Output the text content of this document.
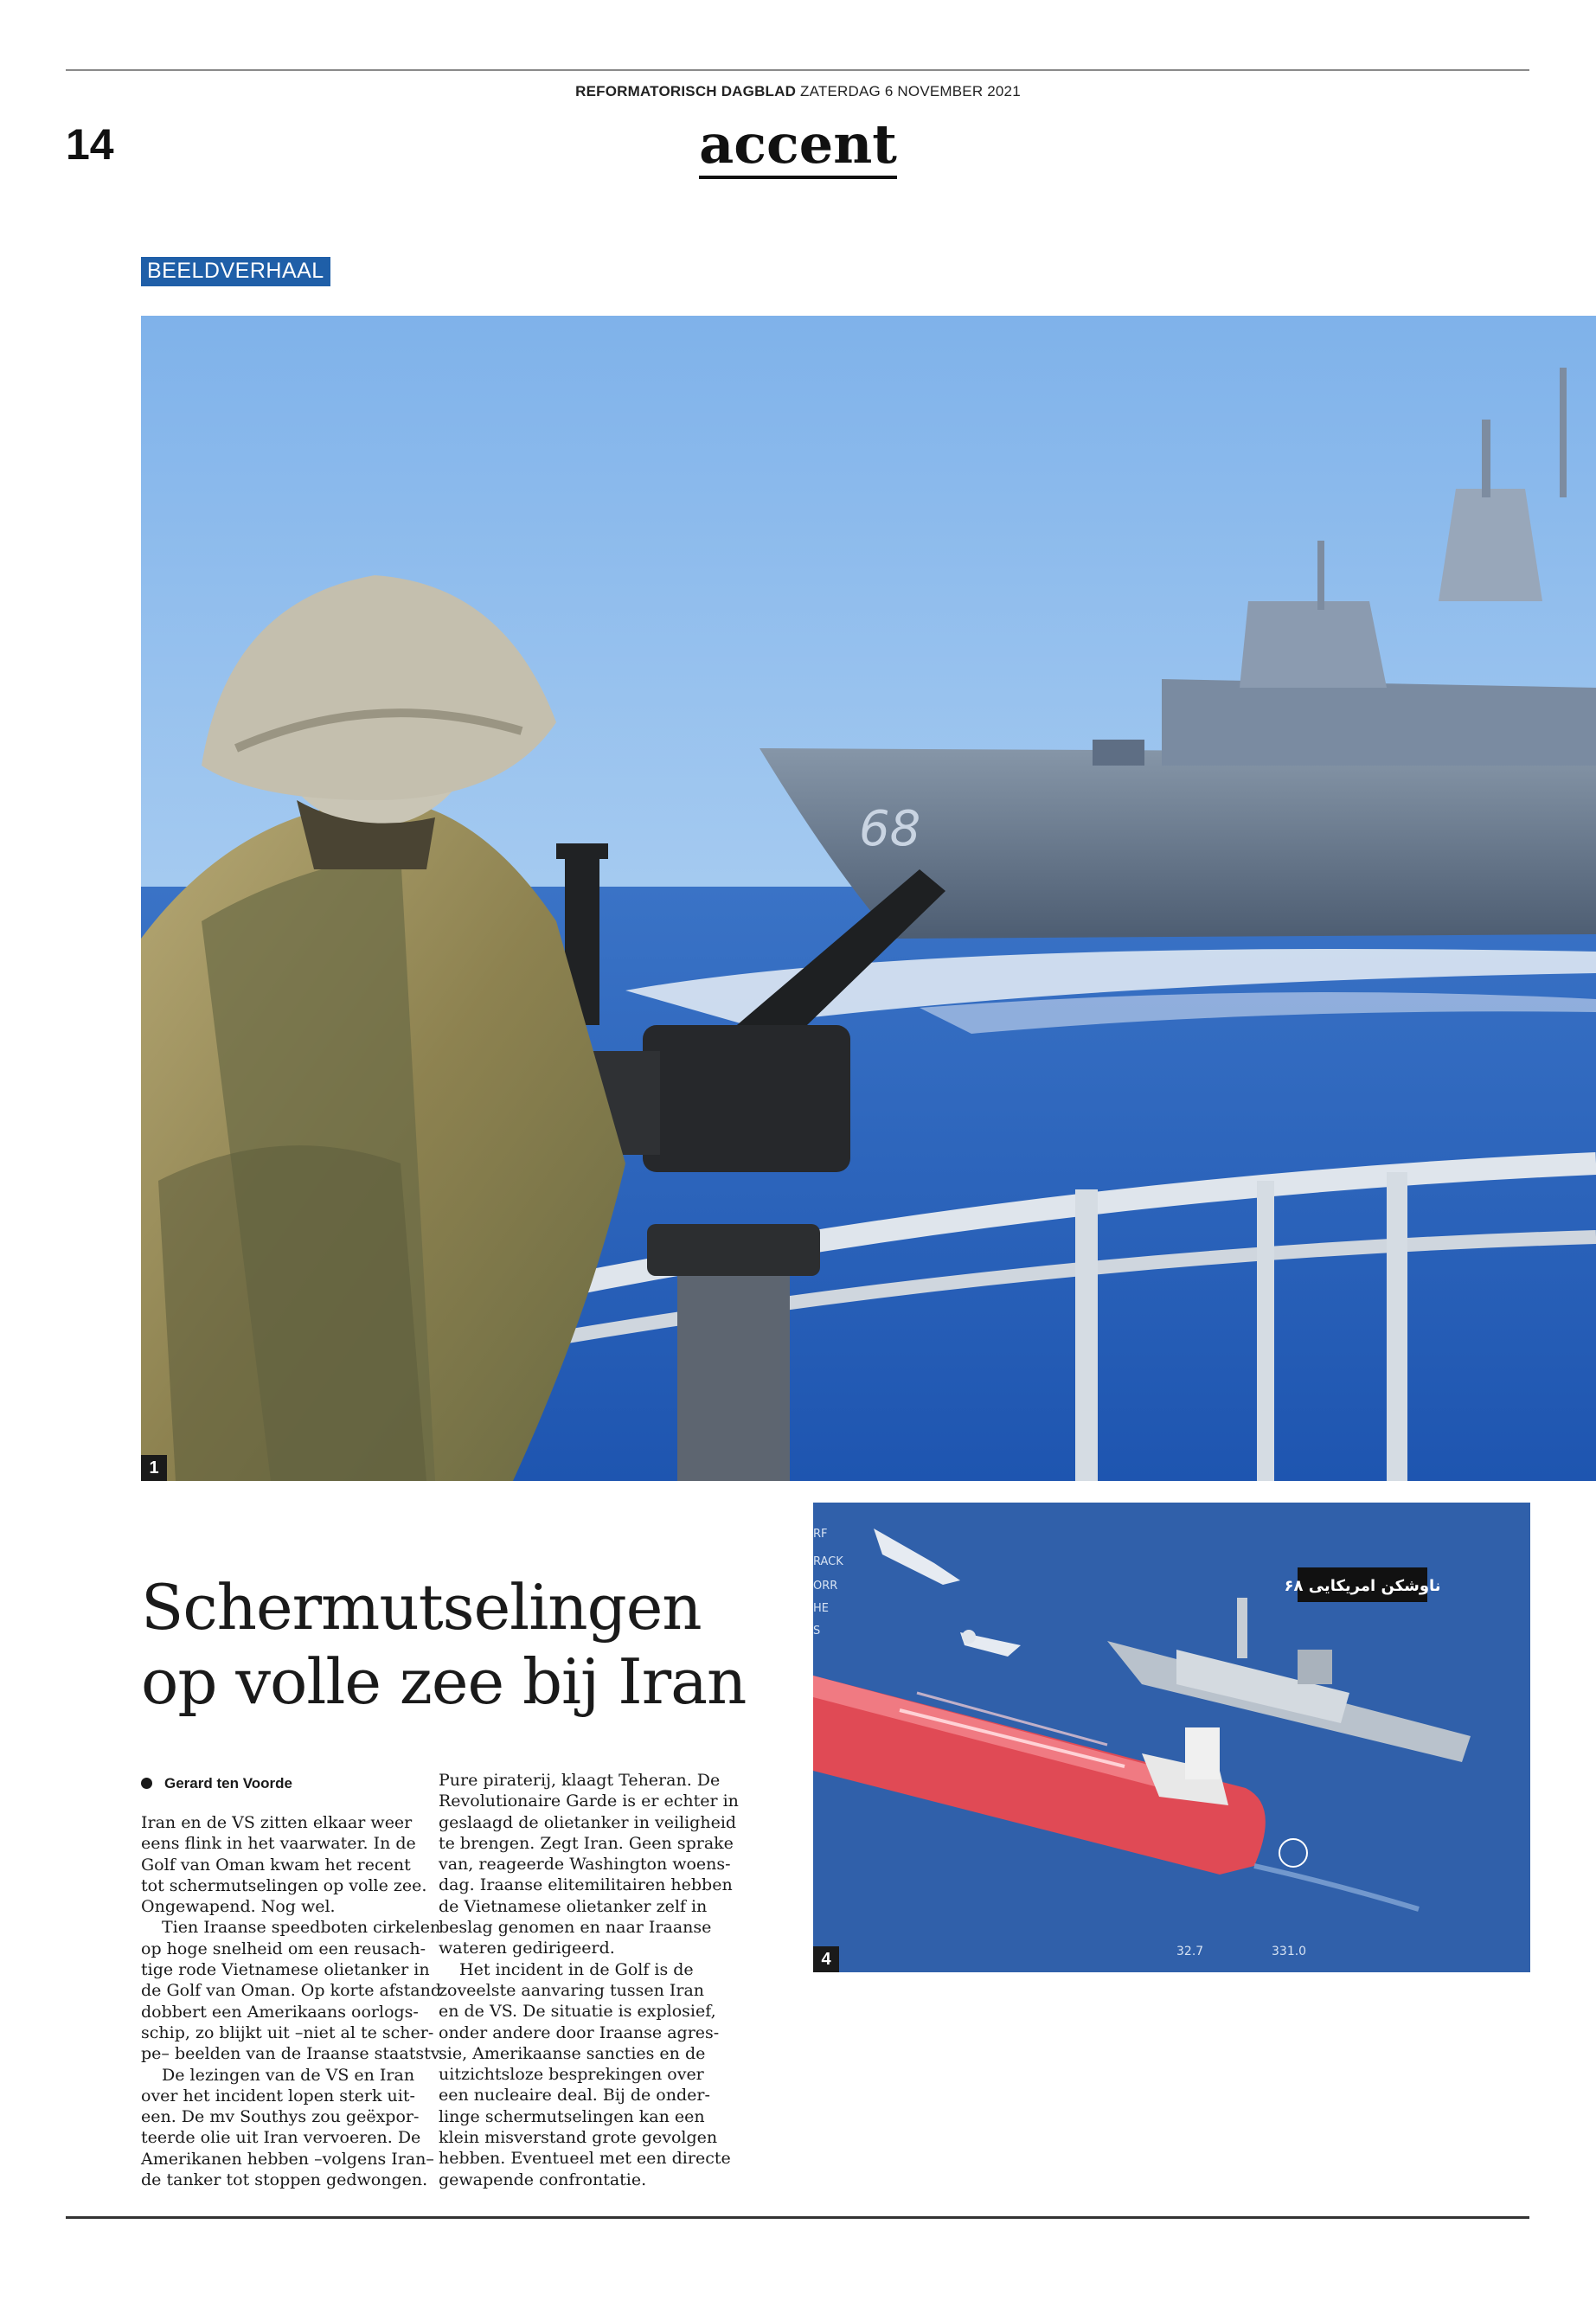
REFORMATORISCH DAGBLAD ZATERDAG 6 NOVEMBER 2021
14	accent
BEELDVERHAAL
68
1
ناوشکن امریکایی ۶۸
32.7	331.0
RF
RACK
ORR
HE
S
4
Schermutselingen
op volle zee bij Iran
Gerard ten Voorde
Iran en de VS zitten elkaar weer
eens flink in het vaarwater. In de
Golf van Oman kwam het recent
tot schermutselingen op volle zee.
Ongewapend. Nog wel.
Tien Iraanse speedboten cirkelen
op hoge snelheid om een reusach-
tige rode Vietnamese olietanker in
de Golf van Oman. Op korte afstand
dobbert een Amerikaans oorlogs-
schip, zo blijkt uit –niet al te scher-
pe– beelden van de Iraanse staatstv.
De lezingen van de VS en Iran
over het incident lopen sterk uit-
een. De mv Southys zou geëxpor-
teerde olie uit Iran vervoeren. De
Amerikanen hebben –volgens Iran–
de tanker tot stoppen gedwongen.
Pure piraterij, klaagt Teheran. De
Revolutionaire Garde is er echter in
geslaagd de olietanker in veiligheid
te brengen. Zegt Iran. Geen sprake
van, reageerde Washington woens-
dag. Iraanse elitemilitairen hebben
de Vietnamese olietanker zelf in
beslag genomen en naar Iraanse
wateren gedirigeerd.
Het incident in de Golf is de
zoveelste aanvaring tussen Iran
en de VS. De situatie is explosief,
onder andere door Iraanse agres-
sie, Amerikaanse sancties en de
uitzichtsloze besprekingen over
een nucleaire deal. Bij de onder-
linge schermutselingen kan een
klein misverstand grote gevolgen
hebben. Eventueel met een directe
gewapende confrontatie.
